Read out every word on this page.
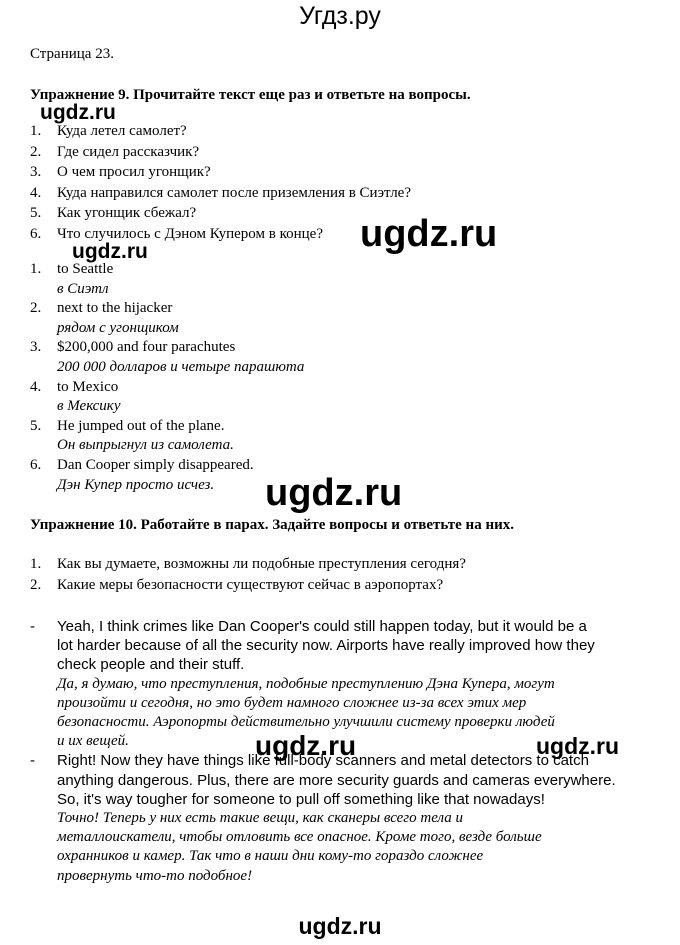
Угдз.ру
Страница 23.
Упражнение 9. Прочитайте текст еще раз и ответьте на вопросы.
ugdz.ru
1.	Куда летел самолет?
2.	Где сидел рассказчик?
3.	О чем просил угонщик?
4.	Куда направился самолет после приземления в Сиэтле?
5.	Как угонщик сбежал?
6.	Что случилось с Дэном Купером в конце? ugdz.ru
ugdz.ru
1.	to Seattle
в Сиэтл
2.	next to the hijacker
рядом с угонщиком
3.	$200,000 and four parachutes
200 000 долларов и четыре парашюта
4.	to Mexico
в Мексику
5.	He jumped out of the plane.
Он выпрыгнул из самолета.
6.	Dan Cooper simply disappeared.
Дэн Купер просто исчез.	ugdz.ru
Упражнение 10. Работайте в парах. Задайте вопросы и ответьте на них.
1.	Как вы думаете, возможны ли подобные преступления сегодня?
2.	Какие меры безопасности существуют сейчас в аэропортах?
-	Yeah, I think crimes like Dan Cooper's could still happen today, but it would be a
lot harder because of all the security now. Airports have really improved how they
check people and their stuff.
Да, я думаю, что преступления, подобные преступлению Дэна Купера, могут
произойти и сегодня, но это будет намного сложнее из-за всех этих мер
безопасности. Аэропорты действительно улучшили систему проверки людей
и их вещей.
-	Right! Now they have things like full-body scanners and metal detectors to catch
anything dangerous. Plus, there are more security guards and cameras everywhere.
So, it's way tougher for someone to pull off something like that nowadays!
Точно! Теперь у них есть такие вещи, как сканеры всего тела и
металлоискатели, чтобы отловить все опасное. Кроме того, везде больше
охранников и камер. Так что в наши дни кому-то гораздо сложнее
провернуть что-то подобное!
ugdz.ru	ugdz.ru
ugdz.ru
